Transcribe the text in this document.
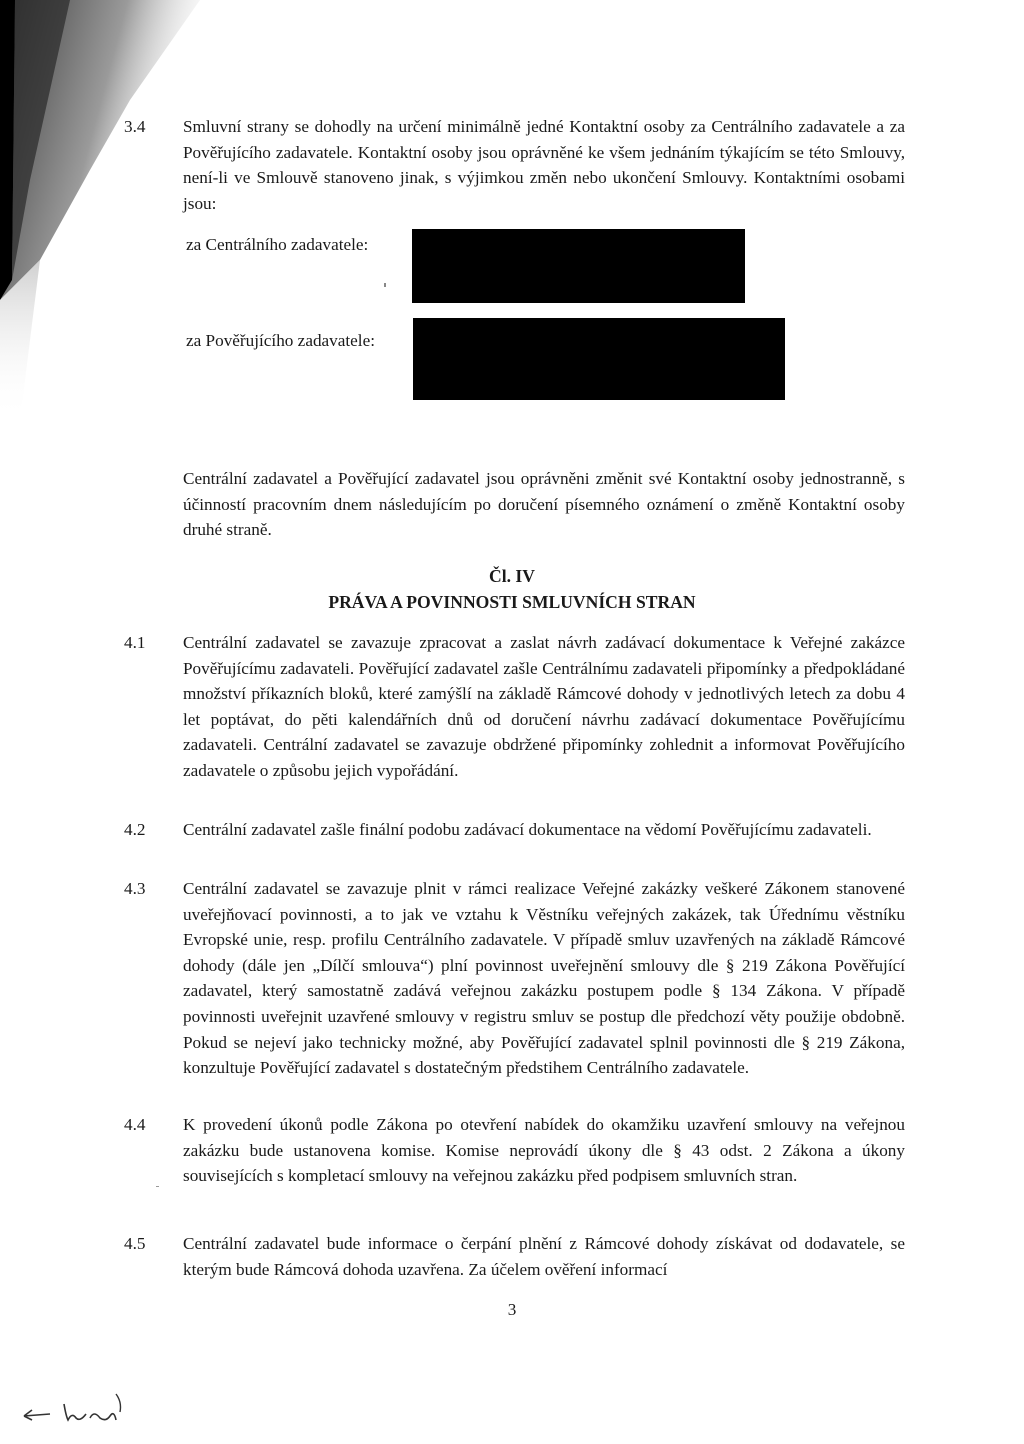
3.4	Smluvní strany se dohodly na určení minimálně jedné Kontaktní osoby za Centrálního zadavatele a za Pověřujícího zadavatele. Kontaktní osoby jsou oprávněné ke všem jednáním týkajícím se této Smlouvy, není-li ve Smlouvě stanoveno jinak, s výjimkou změn nebo ukončení Smlouvy. Kontaktními osobami jsou:

za Centrálního zadavatele:
za Pověřujícího zadavatele:

Centrální zadavatel a Pověřující zadavatel jsou oprávněni změnit své Kontaktní osoby jednostranně, s účinností pracovním dnem následujícím po doručení písemného oznámení o změně Kontaktní osoby druhé straně.

Čl. IV
PRÁVA A POVINNOSTI SMLUVNÍCH STRAN
4.1	Centrální zadavatel se zavazuje zpracovat a zaslat návrh zadávací dokumentace k Veřejné zakázce Pověřujícímu zadavateli. Pověřující zadavatel zašle Centrálnímu zadavateli připomínky a předpokládané množství příkazních bloků, které zamýšlí na základě Rámcové dohody v jednotlivých letech za dobu 4 let poptávat, do pěti kalendářních dnů od doručení návrhu zadávací dokumentace Pověřujícímu zadavateli. Centrální zadavatel se zavazuje obdržené připomínky zohlednit a informovat Pověřujícího zadavatele o způsobu jejich vypořádání.

4.2	Centrální zadavatel zašle finální podobu zadávací dokumentace na vědomí Pověřujícímu zadavateli.

4.3	Centrální zadavatel se zavazuje plnit v rámci realizace Veřejné zakázky veškeré Zákonem stanovené uveřejňovací povinnosti, a to jak ve vztahu k Věstníku veřejných zakázek, tak Úřednímu věstníku Evropské unie, resp. profilu Centrálního zadavatele. V případě smluv uzavřených na základě Rámcové dohody (dále jen „Dílčí smlouva“) plní povinnost uveřejnění smlouvy dle § 219 Zákona Pověřující zadavatel, který samostatně zadává veřejnou zakázku postupem podle § 134 Zákona. V případě povinnosti uveřejnit uzavřené smlouvy v registru smluv se postup dle předchozí věty použije obdobně. Pokud se nejeví jako technicky možné, aby Pověřující zadavatel splnil povinnosti dle § 219 Zákona, konzultuje Pověřující zadavatel s dostatečným předstihem Centrálního zadavatele.

4.4	K provedení úkonů podle Zákona po otevření nabídek do okamžiku uzavření smlouvy na veřejnou zakázku bude ustanovena komise. Komise neprovádí úkony dle § 43 odst. 2 Zákona a úkony souvisejících s kompletací smlouvy na veřejnou zakázku před podpisem smluvních stran.

4.5	Centrální zadavatel bude informace o čerpání plnění z Rámcové dohody získávat od dodavatele, se kterým bude Rámcová dohoda uzavřena. Za účelem ověření informací

3
